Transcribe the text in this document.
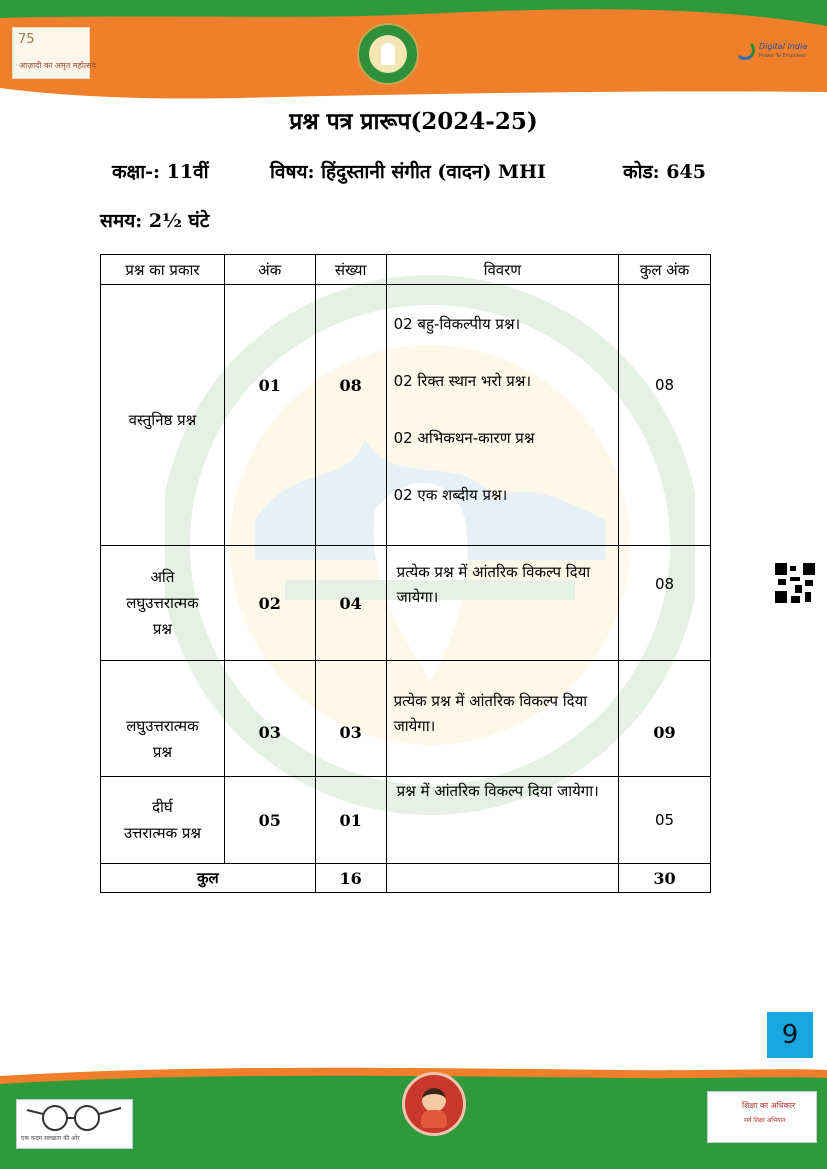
75
आज़ादी का अमृत महोत्सव
Digital India
Power To Empower
प्रश्न पत्र प्रारूप(2024-25)
कक्षा-: 11वीं	विषय: हिंदुस्तानी संगीत (वादन) MHI	कोड: 645
समय: 2½ घंटे
प्रश्न का प्रकार	अंक	संख्या	विवरण	कुल अंक
वस्तुनिष्ठ प्रश्न	01	08	02 बहु-विकल्पीय प्रश्न।
02 रिक्त स्थान भरो प्रश्न।
02 अभिकथन-कारण प्रश्न
02 एक शब्दीय प्रश्न।	08

अति
लघुउत्तरात्मक
प्रश्न	02	04	प्रत्येक प्रश्न में आंतरिक विकल्प दिया जायेगा।	08

लघुउत्तरात्मक
प्रश्न	03	03	प्रत्येक प्रश्न में आंतरिक विकल्प दिया जायेगा।	09

दीर्घ
उत्तरात्मक प्रश्न	05	01	प्रश्न में आंतरिक विकल्प दिया जायेगा।	05
कुल		16		30
9
एक कदम स्वच्छता की ओर
शिक्षा का अधिकार
सर्व शिक्षा अभियान
